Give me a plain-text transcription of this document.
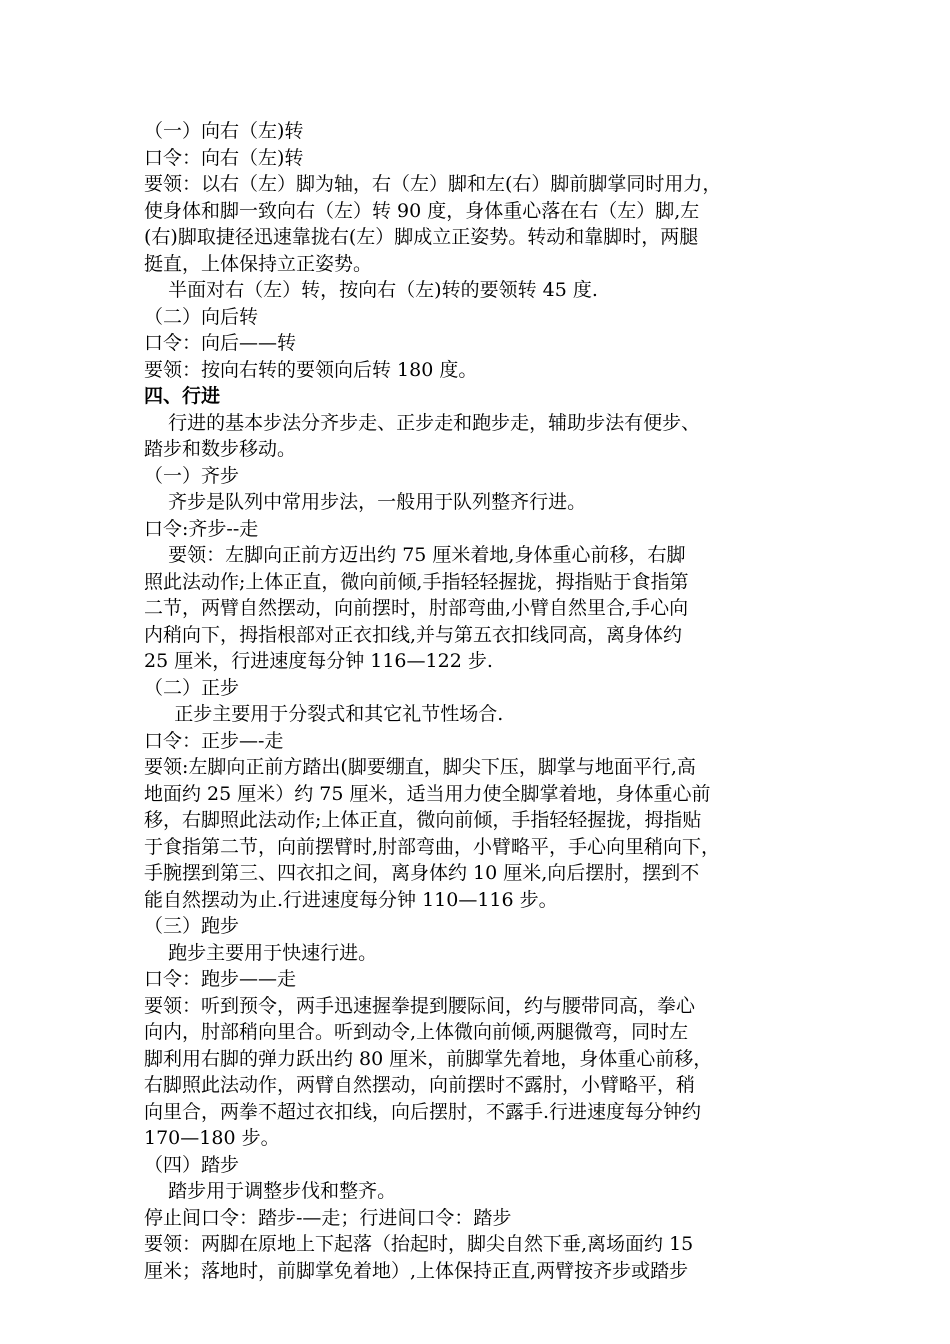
（一）向右（左)转
口令：向右（左)转
要领：以右（左）脚为轴，右（左）脚和左(右）脚前脚掌同时用力，
使身体和脚一致向右（左）转 90 度，身体重心落在右（左）脚,左
(右)脚取捷径迅速靠拢右(左）脚成立正姿势。转动和靠脚时，两腿
挺直，上体保持立正姿势。
半面对右（左）转，按向右（左)转的要领转 45 度.
（二）向后转
口令：向后——转
要领：按向右转的要领向后转 180 度。
四、行进
行进的基本步法分齐步走、正步走和跑步走，辅助步法有便步、
踏步和数步移动。
（一）齐步
齐步是队列中常用步法，一般用于队列整齐行进。
口令:齐步--走
要领：左脚向正前方迈出约 75 厘米着地,身体重心前移，右脚
照此法动作;上体正直，微向前倾,手指轻轻握拢，拇指贴于食指第
二节，两臂自然摆动，向前摆时，肘部弯曲,小臂自然里合,手心向
内稍向下，拇指根部对正衣扣线,并与第五衣扣线同高，离身体约
25 厘米，行进速度每分钟 116—122 步.
（二）正步
正步主要用于分裂式和其它礼节性场合.
口令：正步—-走
要领:左脚向正前方踏出(脚要绷直，脚尖下压，脚掌与地面平行,高
地面约 25 厘米）约 75 厘米，适当用力使全脚掌着地，身体重心前
移，右脚照此法动作;上体正直，微向前倾，手指轻轻握拢，拇指贴
于食指第二节，向前摆臂时,肘部弯曲，小臂略平，手心向里稍向下，
手腕摆到第三、四衣扣之间，离身体约 10 厘米,向后摆肘，摆到不
能自然摆动为止.行进速度每分钟 110—116 步。
（三）跑步
跑步主要用于快速行进。
口令：跑步——走
要领：听到预令，两手迅速握拳提到腰际间，约与腰带同高，拳心
向内，肘部稍向里合。听到动令,上体微向前倾,两腿微弯，同时左
脚利用右脚的弹力跃出约 80 厘米，前脚掌先着地，身体重心前移，
右脚照此法动作，两臂自然摆动，向前摆时不露肘，小臂略平，稍
向里合，两拳不超过衣扣线，向后摆肘，不露手.行进速度每分钟约
170—180 步。
（四）踏步
踏步用于调整步伐和整齐。
停止间口令：踏步-—走；行进间口令：踏步
要领：两脚在原地上下起落（抬起时，脚尖自然下垂,离场面约 15
厘米；落地时，前脚掌免着地）,上体保持正直,两臂按齐步或踏步
